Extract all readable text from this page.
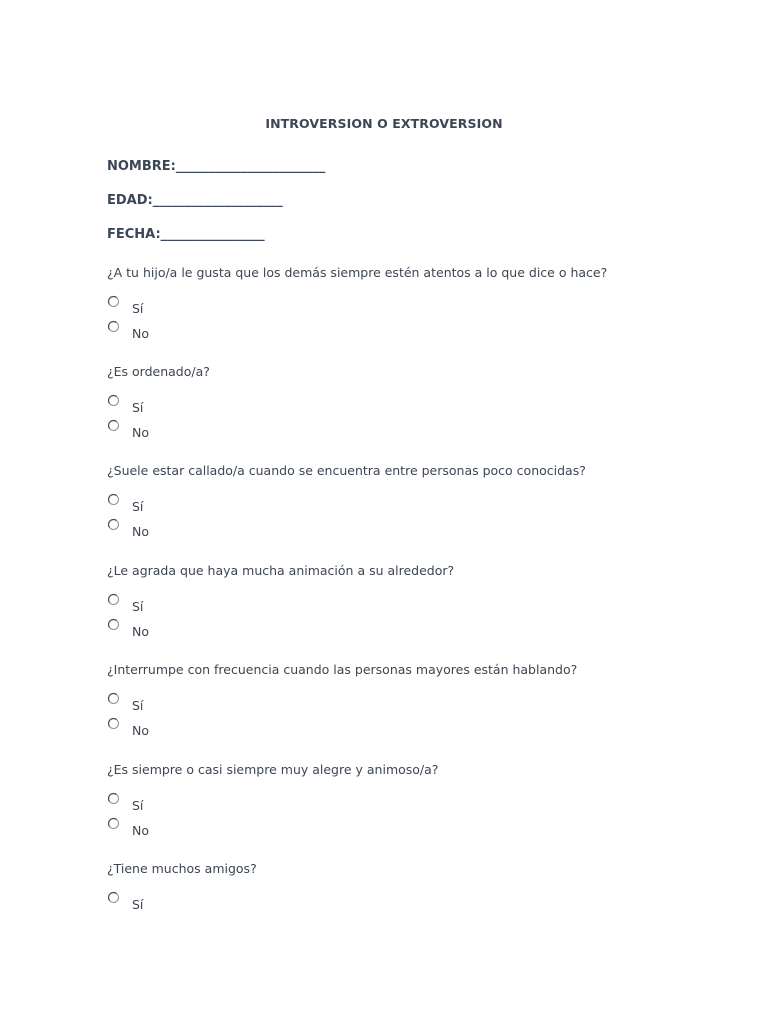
INTROVERSION O EXTROVERSION
NOMBRE:_______________________
EDAD:____________________
FECHA:________________
¿A tu hijo/a le gusta que los demás siempre estén atentos a lo que dice o hace?
Sí
No
¿Es ordenado/a?
Sí
No
¿Suele estar callado/a cuando se encuentra entre personas poco conocidas?
Sí
No
¿Le agrada que haya mucha animación a su alrededor?
Sí
No
¿Interrumpe con frecuencia cuando las personas mayores están hablando?
Sí
No
¿Es siempre o casi siempre muy alegre y animoso/a?
Sí
No
¿Tiene muchos amigos?
Sí
